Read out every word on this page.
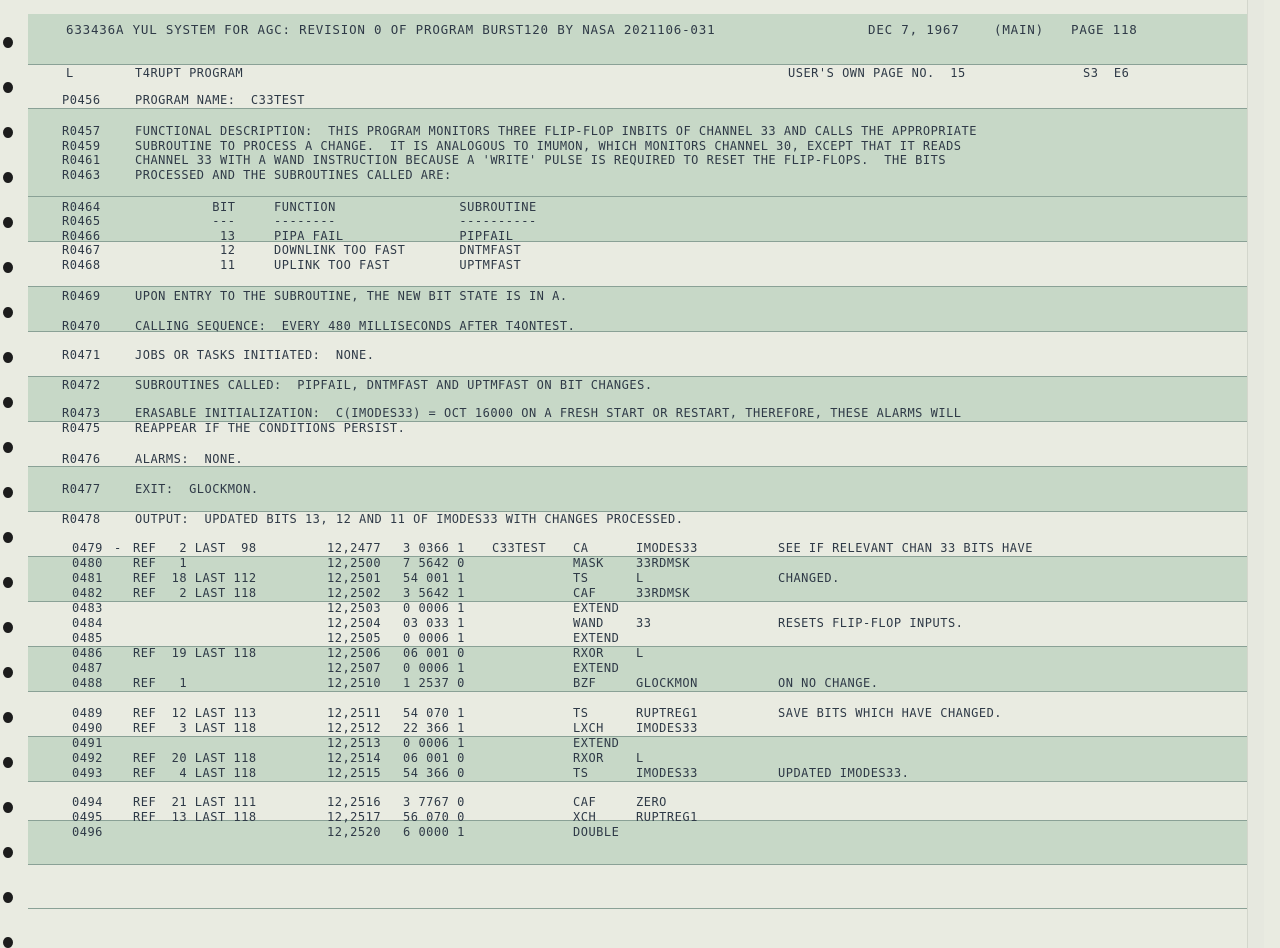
633436A YUL SYSTEM FOR AGC: REVISION 0 OF PROGRAM BURST120 BY NASA 2021106-031	DEC 7, 1967	(MAIN) PAGE 118
L	T4RUPT PROGRAM	USER'S OWN PAGE NO.  15	S3  E6
P0456	PROGRAM NAME:  C33TEST
R0457	FUNCTIONAL DESCRIPTION:  THIS PROGRAM MONITORS THREE FLIP-FLOP INBITS OF CHANNEL 33 AND CALLS THE APPROPRIATE
R0459	SUBROUTINE TO PROCESS A CHANGE.  IT IS ANALOGOUS TO IMUMON, WHICH MONITORS CHANNEL 30, EXCEPT THAT IT READS
R0461	CHANNEL 33 WITH A WAND INSTRUCTION BECAUSE A 'WRITE' PULSE IS REQUIRED TO RESET THE FLIP-FLOPS.  THE BITS
R0463	PROCESSED AND THE SUBROUTINES CALLED ARE:
R0464	BIT     FUNCTION                SUBROUTINE
R0465	---     --------                ----------
R0466	13     PIPA FAIL               PIPFAIL
R0467	12     DOWNLINK TOO FAST       DNTMFAST
R0468	11     UPLINK TOO FAST         UPTMFAST
R0469	UPON ENTRY TO THE SUBROUTINE, THE NEW BIT STATE IS IN A.
R0470	CALLING SEQUENCE:  EVERY 480 MILLISECONDS AFTER T4ONTEST.
R0471	JOBS OR TASKS INITIATED:  NONE.
R0472	SUBROUTINES CALLED:  PIPFAIL, DNTMFAST AND UPTMFAST ON BIT CHANGES.
R0473	ERASABLE INITIALIZATION:  C(IMODES33) = OCT 16000 ON A FRESH START OR RESTART, THEREFORE, THESE ALARMS WILL
R0475	REAPPEAR IF THE CONDITIONS PERSIST.
R0476	ALARMS:  NONE.
R0477	EXIT:  GLOCKMON.
R0478	OUTPUT:  UPDATED BITS 13, 12 AND 11 OF IMODES33 WITH CHANGES PROCESSED.
0479 - REF   2 LAST  98	12,2477 3 0366 1 C33TEST CA	IMODES33	SEE IF RELEVANT CHAN 33 BITS HAVE
0480	REF   1	12,2500 7 5642 0	MASK	33RDMSK
0481	REF  18 LAST 112	12,2501 54 001 1	TS	L	CHANGED.
0482	REF   2 LAST 118	12,2502 3 5642 1	CAF	33RDMSK
0483	12,2503 0 0006 1	EXTEND
0484	12,2504 03 033 1	WAND	33	RESETS FLIP-FLOP INPUTS.
0485	12,2505 0 0006 1	EXTEND
0486	REF  19 LAST 118	12,2506 06 001 0	RXOR	L
0487	12,2507 0 0006 1	EXTEND
0488	REF   1	12,2510 1 2537 0	BZF	GLOCKMON	ON NO CHANGE.
0489	REF  12 LAST 113	12,2511 54 070 1	TS	RUPTREG1	SAVE BITS WHICH HAVE CHANGED.
0490	REF   3 LAST 118	12,2512 22 366 1	LXCH	IMODES33
0491	12,2513 0 0006 1	EXTEND
0492	REF  20 LAST 118	12,2514 06 001 0	RXOR	L
0493	REF   4 LAST 118	12,2515 54 366 0	TS	IMODES33	UPDATED IMODES33.
0494	REF  21 LAST 111	12,2516 3 7767 0	CAF	ZERO
0495	REF  13 LAST 118	12,2517 56 070 0	XCH	RUPTREG1
0496	12,2520 6 0000 1	DOUBLE
